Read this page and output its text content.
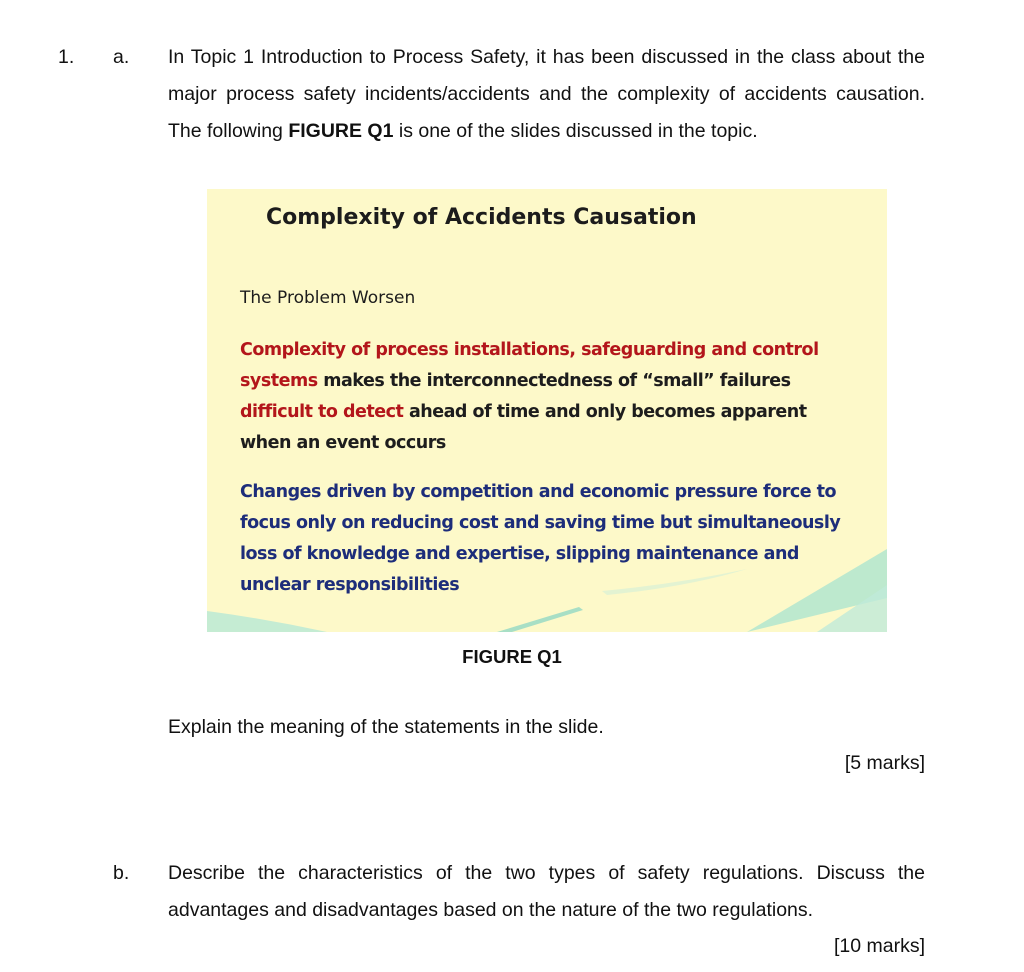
1. a. In Topic 1 Introduction to Process Safety, it has been discussed in the class about the major process safety incidents/accidents and the complexity of accidents causation. The following FIGURE Q1 is one of the slides discussed in the topic.
Complexity of Accidents Causation
The Problem Worsen
Complexity of process installations, safeguarding and control systems makes the interconnectedness of “small” failures difficult to detect ahead of time and only becomes apparent when an event occurs
Changes driven by competition and economic pressure force to focus only on reducing cost and saving time but simultaneously loss of knowledge and expertise, slipping maintenance and unclear responsibilities
FIGURE Q1
Explain the meaning of the statements in the slide.
[5 marks]
b. Describe the characteristics of the two types of safety regulations. Discuss the advantages and disadvantages based on the nature of the two regulations.
[10 marks]
